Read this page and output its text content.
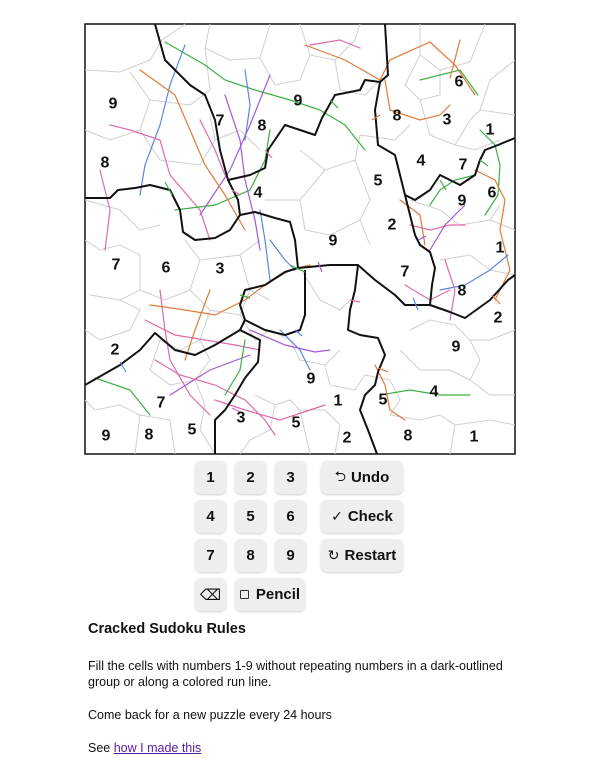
9
7 8
9
8	3
6
1
8	4 7
6
4
5
9
2
9	1
7	6	3	7
8
2
2	9
9
7	1 5	4
3	5
9 8 5	2	8	1
1	2	3	⮌ Undo
4	5	6	✓ Check
7	8	9	↻ Restart
⌫ Pencil
Cracked Sudoku Rules

Fill the cells with numbers 1-9 without repeating numbers in a dark-outlined group or along a colored run line.

Come back for a new puzzle every 24 hours

See how I made this
